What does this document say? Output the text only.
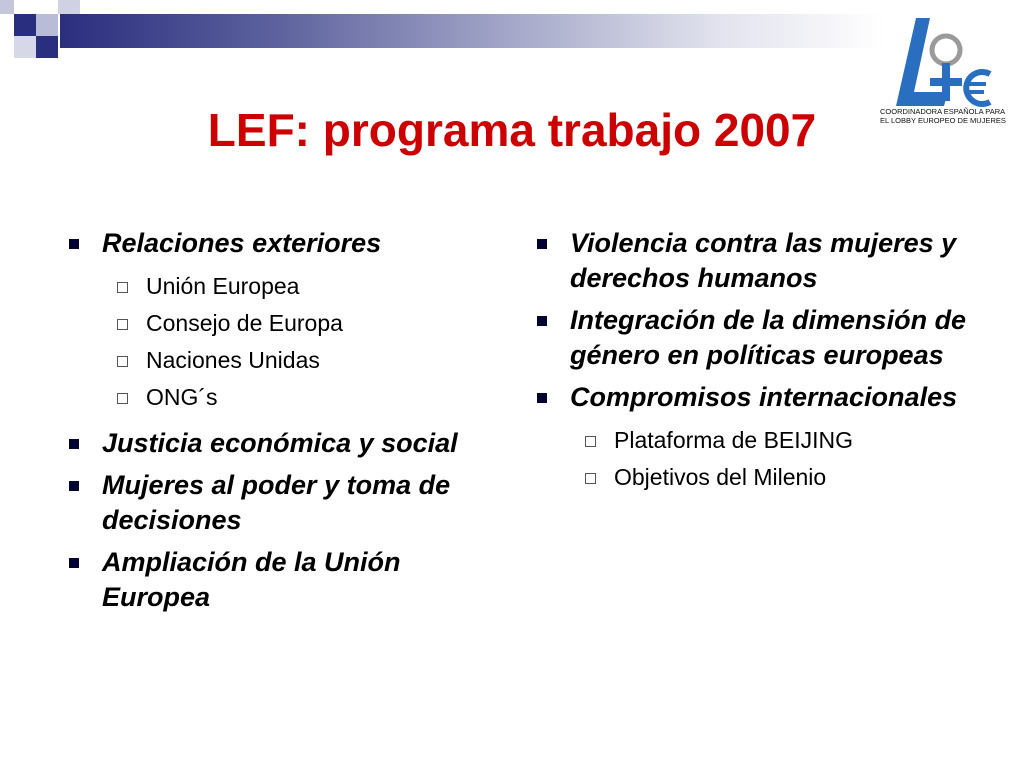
COORDINADORA ESPAÑOLA PARA
EL LOBBY EUROPEO DE MUJERES
LEF: programa trabajo 2007
Relaciones exteriores
Unión Europea
Consejo de Europa
Naciones Unidas
ONG´s
Justicia económica y social
Mujeres al poder y toma de decisiones
Ampliación de la Unión Europea
Violencia contra las mujeres y derechos humanos
Integración de la dimensión de género en políticas europeas
Compromisos internacionales
Plataforma de BEIJING
Objetivos del Milenio
